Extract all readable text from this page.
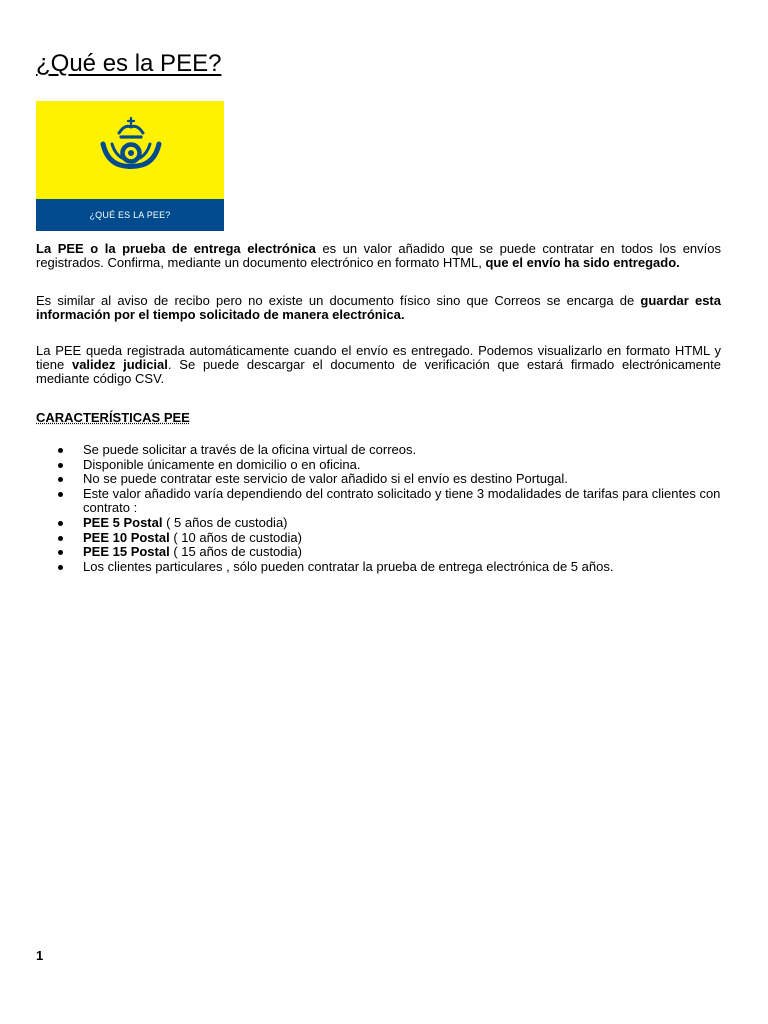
¿Qué es la PEE?
¿QUÉ ES LA PEE?

La PEE o la prueba de entrega electrónica es un valor añadido que se puede contratar en todos los envíos registrados. Confirma, mediante un documento electrónico en formato HTML, que el envío ha sido entregado.

Es similar al aviso de recibo pero no existe un documento físico sino que Correos se encarga de guardar esta información por el tiempo solicitado de manera electrónica.

La PEE queda registrada automáticamente cuando el envío es entregado. Podemos visualizarlo en formato HTML y tiene validez judicial. Se puede descargar el documento de verificación que estará firmado electrónicamente mediante código CSV.

CARACTERÍSTICAS PEE
Se puede solicitar a través de la oficina virtual de correos.
Disponible únicamente en domicilio o en oficina.
No se puede contratar este servicio de valor añadido si el envío es destino Portugal.
Este valor añadido varía dependiendo del contrato solicitado y tiene 3 modalidades de tarifas para clientes con contrato :
PEE 5 Postal ( 5 años de custodia)
PEE 10 Postal ( 10 años de custodia)
PEE 15 Postal ( 15 años de custodia)
Los clientes particulares , sólo pueden contratar la prueba de entrega electrónica de 5 años.
1
